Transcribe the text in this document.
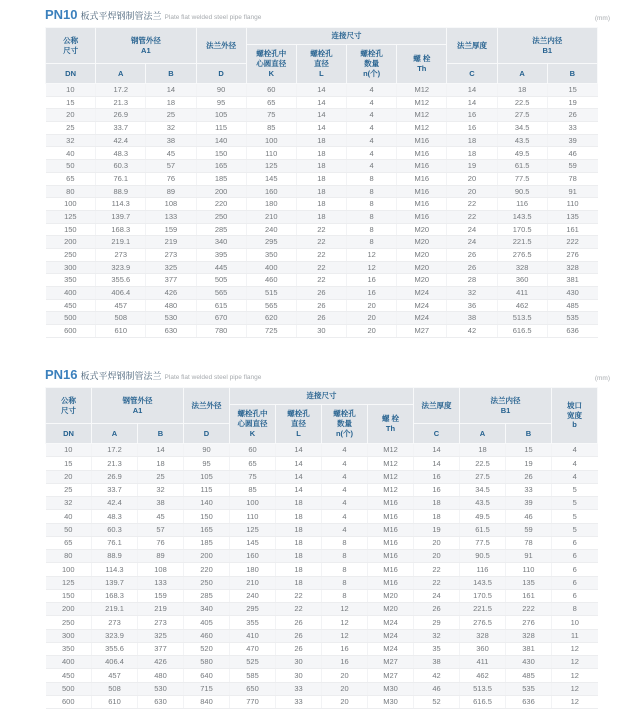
PN10 板式平焊钢制管法兰 Plate flat welded steel pipe flange	(mm)
公称
尺寸	钢管外径
A1		法兰外径	连接尺寸				法兰厚度	法兰内径
B1	
				螺栓孔中
心圆直径
K	螺栓孔
直径
L	螺栓孔
数量
n(个)	螺 栓
Th			
DN	A	B	D					C	A	B
10	17.2	14	90	60	14	4	M12	14	18	15
15	21.3	18	95	65	14	4	M12	14	22.5	19
20	26.9	25	105	75	14	4	M12	16	27.5	26
25	33.7	32	115	85	14	4	M12	16	34.5	33
32	42.4	38	140	100	18	4	M16	18	43.5	39
40	48.3	45	150	110	18	4	M16	18	49.5	46
50	60.3	57	165	125	18	4	M16	19	61.5	59
65	76.1	76	185	145	18	8	M16	20	77.5	78
80	88.9	89	200	160	18	8	M16	20	90.5	91
100	114.3	108	220	180	18	8	M16	22	116	110
125	139.7	133	250	210	18	8	M16	22	143.5	135
150	168.3	159	285	240	22	8	M20	24	170.5	161
200	219.1	219	340	295	22	8	M20	24	221.5	222
250	273	273	395	350	22	12	M20	26	276.5	276
300	323.9	325	445	400	22	12	M20	26	328	328
350	355.6	377	505	460	22	16	M20	28	360	381
400	406.4	426	565	515	26	16	M24	32	411	430
450	457	480	615	565	26	20	M24	36	462	485
500	508	530	670	620	26	20	M24	38	513.5	535
600	610	630	780	725	30	20	M27	42	616.5	636
PN16 板式平焊钢制管法兰 Plate flat welded steel pipe flange	(mm)
公称
尺寸	钢管外径
A1		法兰外径	连接尺寸				法兰厚度	法兰内径
B1		坡口
宽度
b
				螺栓孔中
心圆直径
K	螺栓孔
直径
L	螺栓孔
数量
n(个)	螺 栓
Th				
DN	A	B	D					C	A	B	
10	17.2	14	90	60	14	4	M12	14	18	15	4
15	21.3	18	95	65	14	4	M12	14	22.5	19	4
20	26.9	25	105	75	14	4	M12	16	27.5	26	4
25	33.7	32	115	85	14	4	M12	16	34.5	33	5
32	42.4	38	140	100	18	4	M16	18	43.5	39	5
40	48.3	45	150	110	18	4	M16	18	49.5	46	5
50	60.3	57	165	125	18	4	M16	19	61.5	59	5
65	76.1	76	185	145	18	8	M16	20	77.5	78	6
80	88.9	89	200	160	18	8	M16	20	90.5	91	6
100	114.3	108	220	180	18	8	M16	22	116	110	6
125	139.7	133	250	210	18	8	M16	22	143.5	135	6
150	168.3	159	285	240	22	8	M20	24	170.5	161	6
200	219.1	219	340	295	22	12	M20	26	221.5	222	8
250	273	273	405	355	26	12	M24	29	276.5	276	10
300	323.9	325	460	410	26	12	M24	32	328	328	11
350	355.6	377	520	470	26	16	M24	35	360	381	12
400	406.4	426	580	525	30	16	M27	38	411	430	12
450	457	480	640	585	30	20	M27	42	462	485	12
500	508	530	715	650	33	20	M30	46	513.5	535	12
600	610	630	840	770	33	20	M30	52	616.5	636	12
